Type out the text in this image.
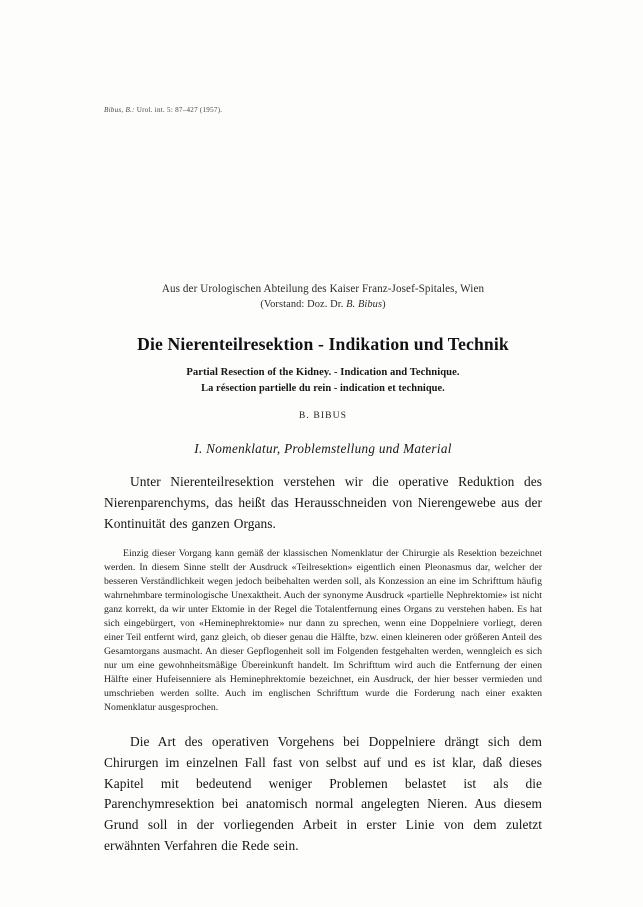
Bibus, B.: Urol. int. 5: 87–427 (1957).
Aus der Urologischen Abteilung des Kaiser Franz-Josef-Spitales, Wien
(Vorstand: Doz. Dr. B. Bibus)
Die Nierenteilresektion - Indikation und Technik
Partial Resection of the Kidney. - Indication and Technique.
La résection partielle du rein - indication et technique.
B. BIBUS
I. Nomenklatur, Problemstellung und Material

Unter Nierenteilresektion verstehen wir die operative Reduktion des Nierenparenchyms, das heißt das Herausschneiden von Nierengewebe aus der Kontinuität des ganzen Organs.

Einzig dieser Vorgang kann gemäß der klassischen Nomenklatur der Chirurgie als Resektion bezeichnet werden. In diesem Sinne stellt der Ausdruck «Teilresektion» eigentlich einen Pleonasmus dar, welcher der besseren Verständlichkeit wegen jedoch beibehalten werden soll, als Konzession an eine im Schrifttum häufig wahrnehmbare terminologische Unexaktheit. Auch der synonyme Ausdruck «partielle Nephrektomie» ist nicht ganz korrekt, da wir unter Ektomie in der Regel die Totalentfernung eines Organs zu verstehen haben. Es hat sich eingebürgert, von «Heminephrektomie» nur dann zu sprechen, wenn eine Doppelniere vorliegt, deren einer Teil entfernt wird, ganz gleich, ob dieser genau die Hälfte, bzw. einen kleineren oder größeren Anteil des Gesamtorgans ausmacht. An dieser Gepflogenheit soll im Folgenden festgehalten werden, wenngleich es sich nur um eine gewohnheitsmäßige Übereinkunft handelt. Im Schrifttum wird auch die Entfernung der einen Hälfte einer Hufeisenniere als Heminephrektomie bezeichnet, ein Ausdruck, der hier besser vermieden und umschrieben werden sollte. Auch im englischen Schrifttum wurde die Forderung nach einer exakten Nomenklatur ausgesprochen.

Die Art des operativen Vorgehens bei Doppelniere drängt sich dem Chirurgen im einzelnen Fall fast von selbst auf und es ist klar, daß dieses Kapitel mit bedeutend weniger Problemen belastet ist als die Parenchymresektion bei anatomisch normal angelegten Nieren. Aus diesem Grund soll in der vorliegenden Arbeit in erster Linie von dem zuletzt erwähnten Verfahren die Rede sein.
